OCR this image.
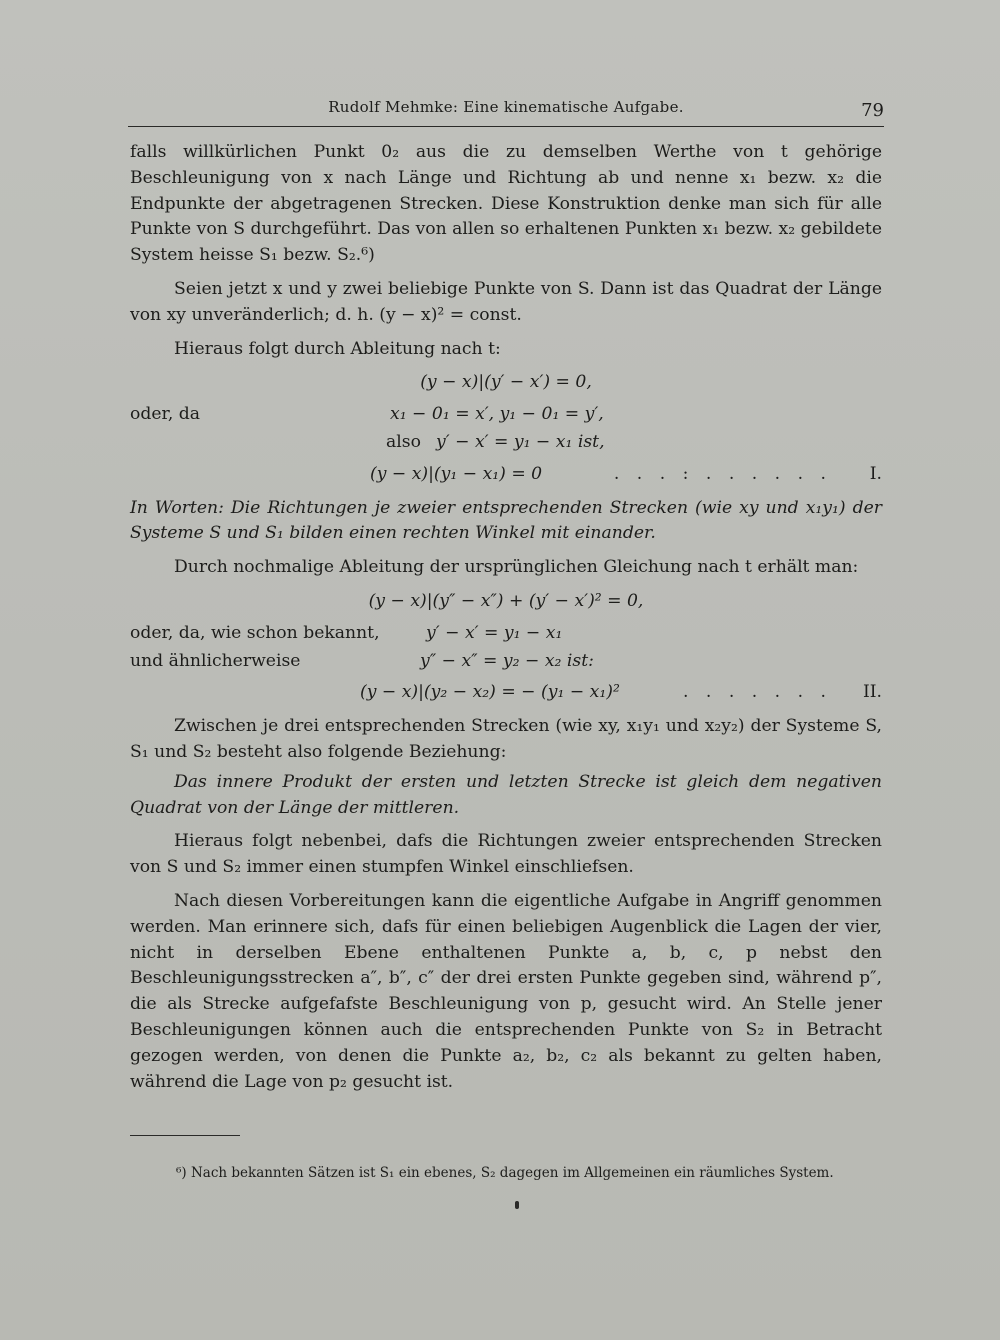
Rudolf Mehmke: Eine kinematische Aufgabe.	79

falls willkürlichen Punkt 0₂ aus die zu demselben Werthe von t gehörige Beschleunigung von x nach Länge und Richtung ab und nenne x₁ bezw. x₂ die Endpunkte der abgetragenen Strecken. Diese Konstruktion denke man sich für alle Punkte von S durchgeführt. Das von allen so erhaltenen Punkten x₁ bezw. x₂ gebildete System heisse S₁ bezw. S₂.⁶)

Seien jetzt x und y zwei beliebige Punkte von S. Dann ist das Quadrat der Länge von xy unveränderlich; d. h. (y − x)² = const.

Hieraus folgt durch Ableitung nach t:

(y − x)|(y′ − x′) = 0,
oder, da	x₁ − 0₁ = x′, y₁ − 0₁ = y′,
also y′ − x′ = y₁ − x₁ ist,
(y − x)|(y₁ − x₁) = 0	. . . : . . . . . .	I.

In Worten: Die Richtungen je zweier entsprechenden Strecken (wie xy und x₁y₁) der Systeme S und S₁ bilden einen rechten Winkel mit einander.

Durch nochmalige Ableitung der ursprünglichen Gleichung nach t erhält man:

(y − x)|(y″ − x″) + (y′ − x′)² = 0,
oder, da, wie schon bekannt,	y′ − x′ = y₁ − x₁
und ähnlicherweise	y″ − x″ = y₂ − x₂ ist:
(y − x)|(y₂ − x₂) = − (y₁ − x₁)²	. . . . . . .	II.

Zwischen je drei entsprechenden Strecken (wie xy, x₁y₁ und x₂y₂) der Systeme S, S₁ und S₂ besteht also folgende Beziehung:

Das innere Produkt der ersten und letzten Strecke ist gleich dem negativen Quadrat von der Länge der mittleren.

Hieraus folgt nebenbei, dafs die Richtungen zweier entsprechenden Strecken von S und S₂ immer einen stumpfen Winkel einschliefsen.

Nach diesen Vorbereitungen kann die eigentliche Aufgabe in Angriff genommen werden. Man erinnere sich, dafs für einen beliebigen Augenblick die Lagen der vier, nicht in derselben Ebene enthaltenen Punkte a, b, c, p nebst den Beschleunigungsstrecken a″, b″, c″ der drei ersten Punkte gegeben sind, während p″, die als Strecke aufgefafste Beschleunigung von p, gesucht wird. An Stelle jener Beschleunigungen können auch die entsprechenden Punkte von S₂ in Betracht gezogen werden, von denen die Punkte a₂, b₂, c₂ als bekannt zu gelten haben, während die Lage von p₂ gesucht ist.

⁶) Nach bekannten Sätzen ist S₁ ein ebenes, S₂ dagegen im Allgemeinen ein räumliches System.
